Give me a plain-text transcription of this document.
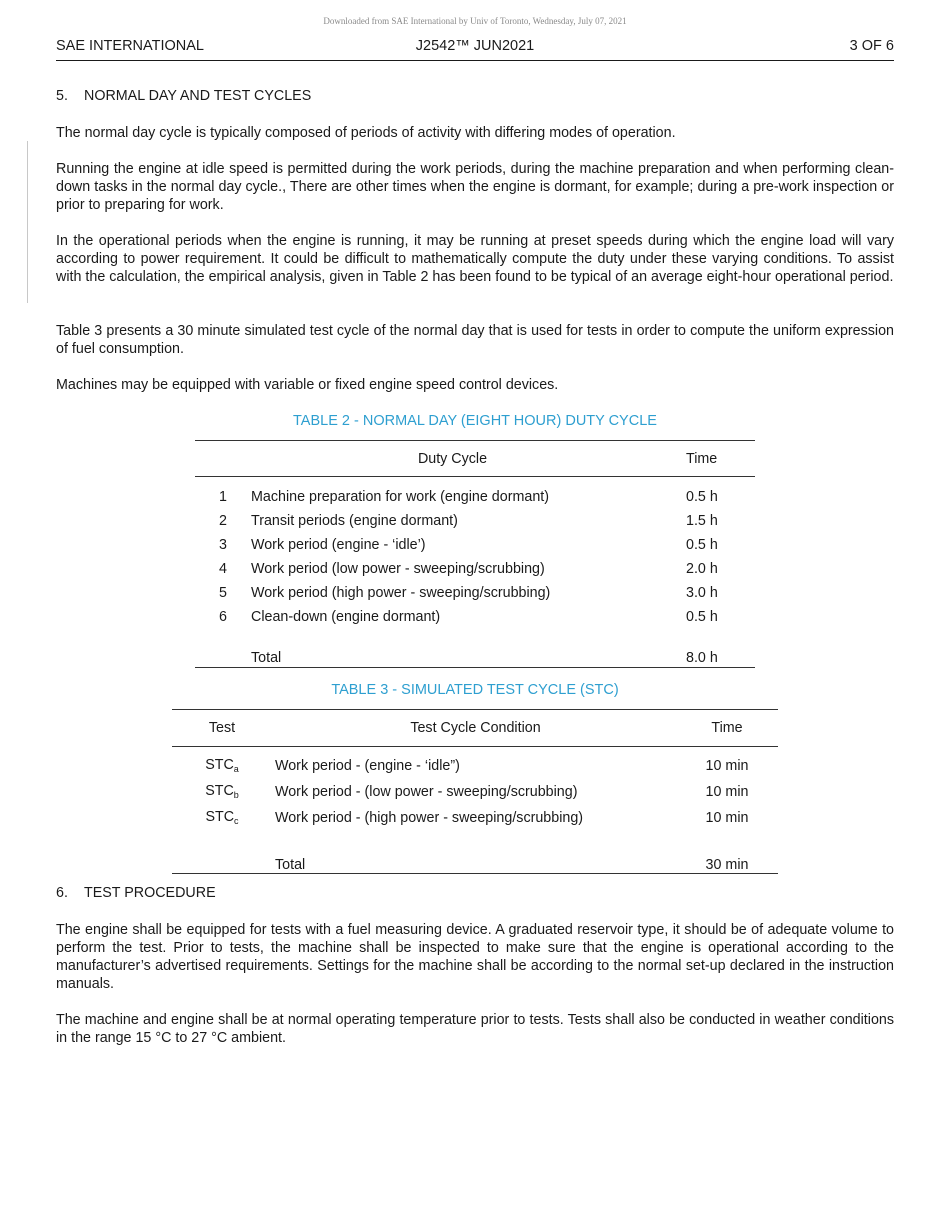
Downloaded from SAE International by Univ of Toronto, Wednesday, July 07, 2021
SAE INTERNATIONAL	J2542™ JUN2021	3 OF 6
5. NORMAL DAY AND TEST CYCLES

The normal day cycle is typically composed of periods of activity with differing modes of operation.

Running the engine at idle speed is permitted during the work periods, during the machine preparation and when performing clean-down tasks in the normal day cycle., There are other times when the engine is dormant, for example; during a pre-work inspection or prior to preparing for work.

In the operational periods when the engine is running, it may be running at preset speeds during which the engine load will vary according to power requirement. It could be difficult to mathematically compute the duty under these varying conditions. To assist with the calculation, the empirical analysis, given in Table 2 has been found to be typical of an average eight-hour operational period.

Table 3 presents a 30 minute simulated test cycle of the normal day that is used for tests in order to compute the uniform expression of fuel consumption.

Machines may be equipped with variable or fixed engine speed control devices.

TABLE 2 - NORMAL DAY (EIGHT HOUR) DUTY CYCLE
	Duty Cycle	Time
1	Machine preparation for work (engine dormant)	0.5 h
2	Transit periods (engine dormant)	1.5 h
3	Work period (engine - ‘idle’)	0.5 h
4	Work period (low power - sweeping/scrubbing)	2.0 h
5	Work period (high power - sweeping/scrubbing)	3.0 h
6	Clean-down (engine dormant)	0.5 h
	Total	8.0 h
TABLE 3 - SIMULATED TEST CYCLE (STC)
Test	Test Cycle Condition	Time
$STC_a$	Work period - (engine - ‘idle”)	10 min
$STC_b$	Work period - (low power - sweeping/scrubbing)	10 min
$STC_c$	Work period - (high power - sweeping/scrubbing)	10 min
	Total	30 min
6. TEST PROCEDURE

The engine shall be equipped for tests with a fuel measuring device. A graduated reservoir type, it should be of adequate volume to perform the test. Prior to tests, the machine shall be inspected to make sure that the engine is operational according to the manufacturer’s advertised requirements. Settings for the machine shall be according to the normal set-up declared in the instruction manuals.

The machine and engine shall be at normal operating temperature prior to tests. Tests shall also be conducted in weather conditions in the range 15 °C to 27 °C ambient.
